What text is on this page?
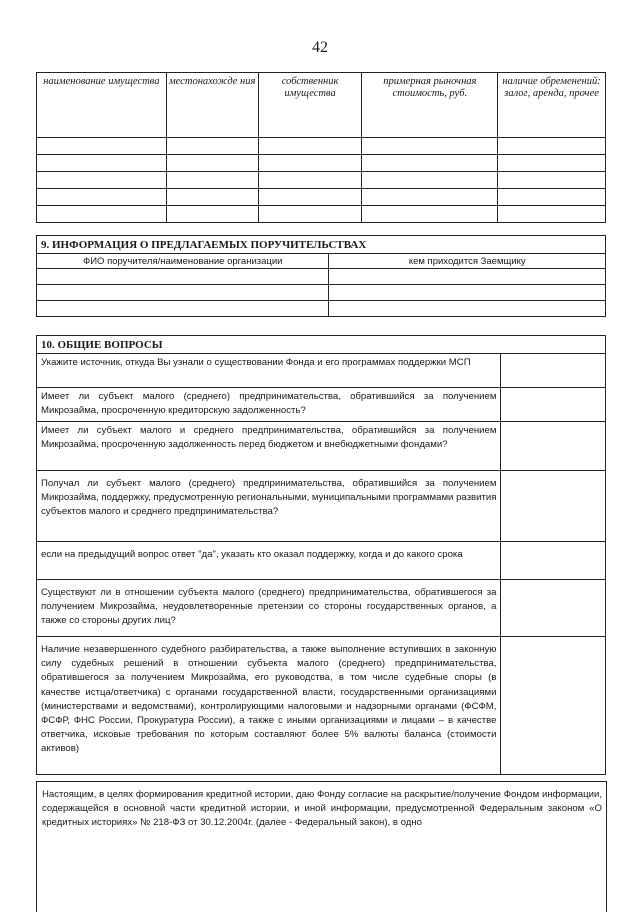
42
наименование имущества	местонахожде ния	собственник имущества	примерная рыночная стоимость, руб.	наличие обременений: залог, аренда, прочее

9. ИНФОРМАЦИЯ О ПРЕДЛАГАЕМЫХ ПОРУЧИТЕЛЬСТВАХ	
ФИО поручителя/наименование организации	кем приходится Заемщику

10. ОБЩИЕ ВОПРОСЫ	
Укажите источник, откуда Вы узнали о существовании Фонда и его программах поддержки МСП	
Имеет ли субъект малого (среднего) предпринимательства, обратившийся за получением Микрозайма, просроченную кредиторскую задолженность?	
Имеет ли субъект малого и среднего предпринимательства, обратившийся за получением Микрозайма, просроченную задолженность перед бюджетом и внебюджетными фондами?	
Получал ли субъект малого (среднего) предпринимательства, обратившийся за получением Микрозайма, поддержку, предусмотренную региональными, муниципальными программами развития субъектов малого и среднего предпринимательства?	
если на предыдущий вопрос ответ "да", указать кто оказал поддержку, когда и до какого срока	
Существуют ли в отношении субъекта малого (среднего) предпринимательства, обратившегося за получением Микрозайма, неудовлетворенные претензии со стороны государственных органов, а также со стороны других лиц?	
Наличие незавершенного судебного разбирательства, а также выполнение вступивших в законную силу судебных решений в отношении субъекта малого (среднего) предпринимательства, обратившегося за получением Микрозайма, его руководства, в том числе судебные споры (в качестве истца/ответчика) с органами государственной власти, государственными организациями (министерствами и ведомствами), контролирующими налоговыми и надзорными органами (ФСФМ, ФСФР, ФНС России, Прокуратура России), а также с иными организациями и лицами – в качестве ответчика, исковые требования по которым составляют более 5% валюты баланса (стоимости активов)	
Настоящим, в целях формирования кредитной истории, даю Фонду согласие на раскрытие/получение Фондом информации, содержащейся в основной части кредитной истории, и иной информации, предусмотренной Федеральным законом «О кредитных историях» № 218-ФЗ от 30.12.2004г. (далее - Федеральный закон), в одно
